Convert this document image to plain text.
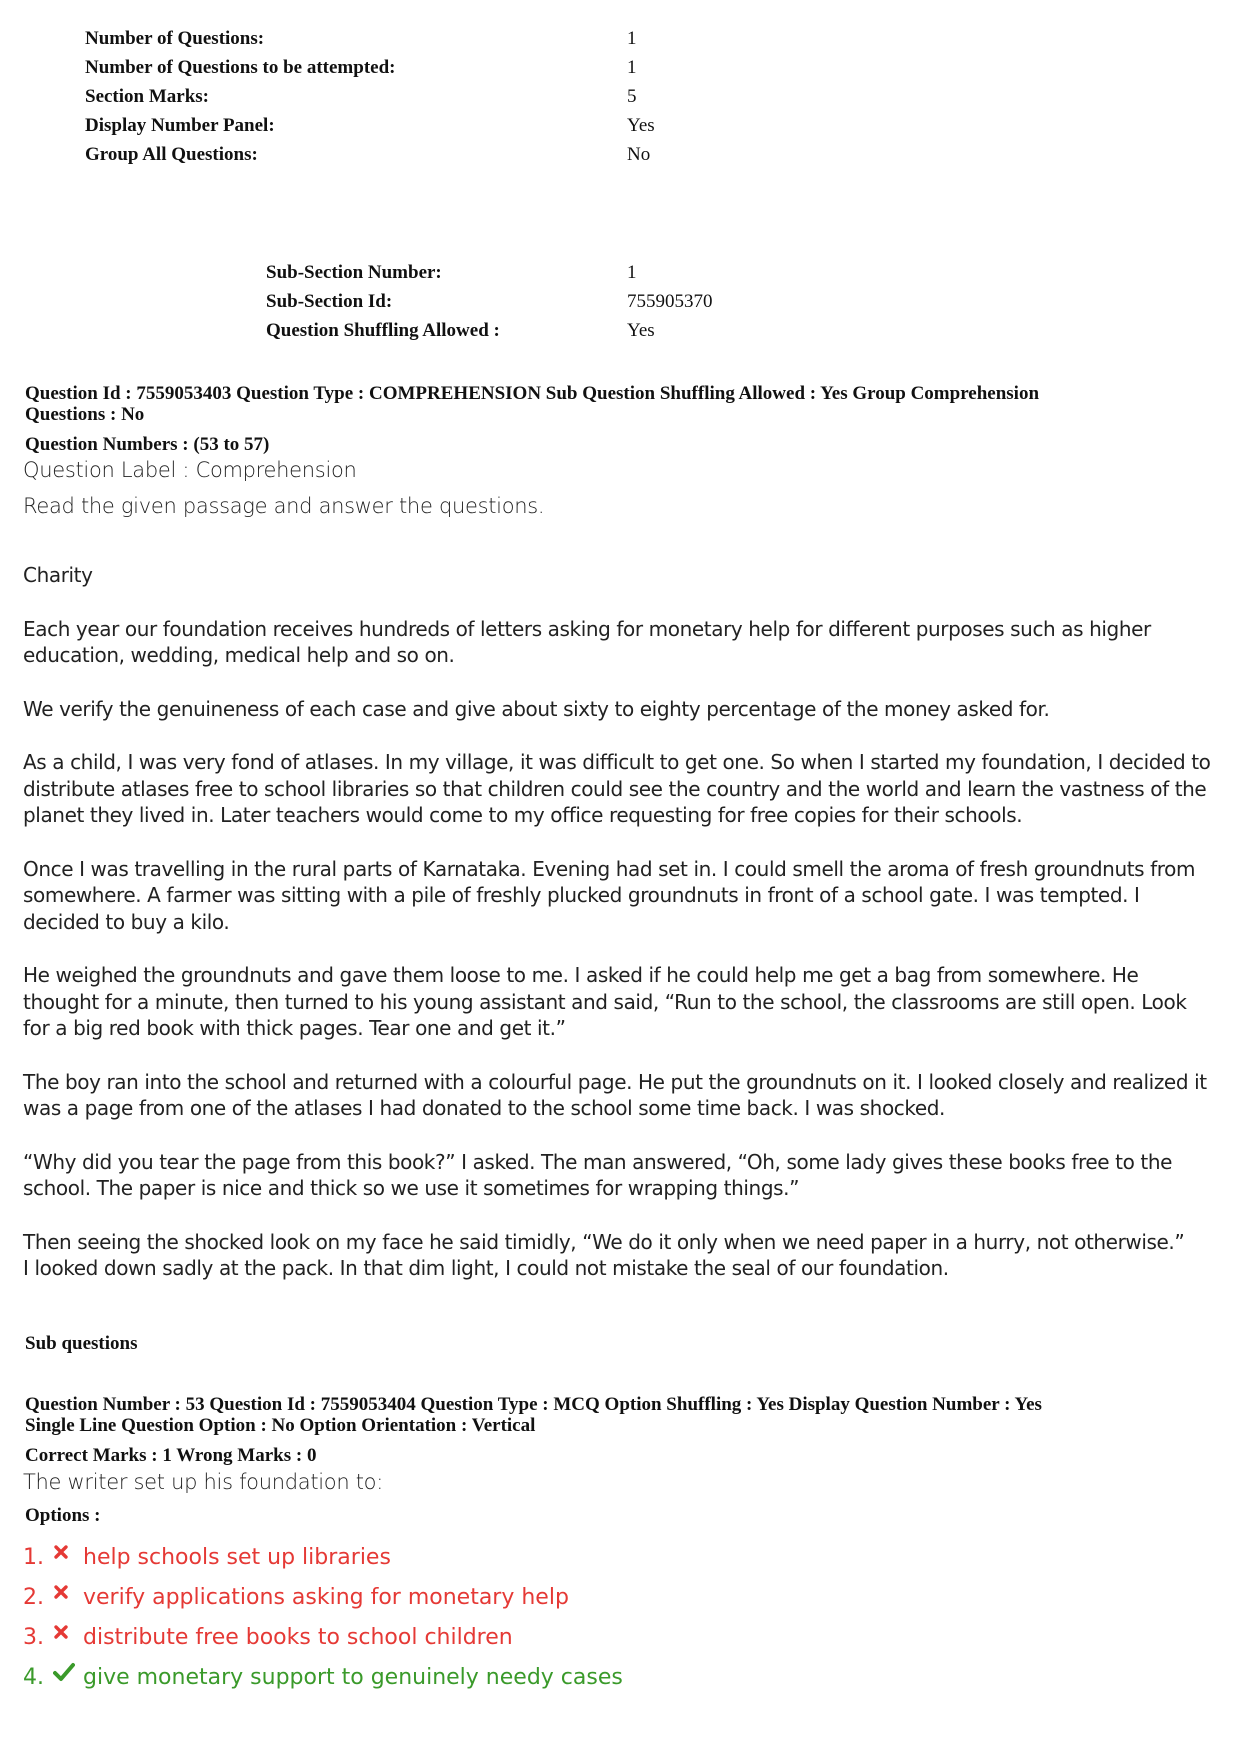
Number of Questions:	1
Number of Questions to be attempted:	1
Section Marks:	5
Display Number Panel:	Yes
Group All Questions:	No
Sub-Section Number:	1
Sub-Section Id:	755905370
Question Shuffling Allowed :	Yes
Question Id : 7559053403 Question Type : COMPREHENSION Sub Question Shuffling Allowed : Yes Group Comprehension
Questions : No
Question Numbers : (53 to 57)
Question Label : Comprehension
Read the given passage and answer the questions.

Charity

Each year our foundation receives hundreds of letters asking for monetary help for different purposes such as higher education, wedding, medical help and so on.

We verify the genuineness of each case and give about sixty to eighty percentage of the money asked for.

As a child, I was very fond of atlases. In my village, it was difficult to get one. So when I started my foundation, I decided to distribute atlases free to school libraries so that children could see the country and the world and learn the vastness of the planet they lived in. Later teachers would come to my office requesting for free copies for their schools.

Once I was travelling in the rural parts of Karnataka. Evening had set in. I could smell the aroma of fresh groundnuts from somewhere. A farmer was sitting with a pile of freshly plucked groundnuts in front of a school gate. I was tempted. I decided to buy a kilo.

He weighed the groundnuts and gave them loose to me. I asked if he could help me get a bag from somewhere. He thought for a minute, then turned to his young assistant and said, “Run to the school, the classrooms are still open. Look for a big red book with thick pages. Tear one and get it.”

The boy ran into the school and returned with a colourful page. He put the groundnuts on it. I looked closely and realized it was a page from one of the atlases I had donated to the school some time back. I was shocked.

“Why did you tear the page from this book?” I asked. The man answered, “Oh, some lady gives these books free to the school. The paper is nice and thick so we use it sometimes for wrapping things.”

Then seeing the shocked look on my face he said timidly, “We do it only when we need paper in a hurry, not otherwise.”

I looked down sadly at the pack. In that dim light, I could not mistake the seal of our foundation.

Sub questions
Question Number : 53 Question Id : 7559053404 Question Type : MCQ Option Shuffling : Yes Display Question Number : Yes
Single Line Question Option : No Option Orientation : Vertical
Correct Marks : 1 Wrong Marks : 0
The writer set up his foundation to:
Options :
1.	help schools set up libraries
2.	verify applications asking for monetary help
3.	distribute free books to school children
4.	give monetary support to genuinely needy cases
